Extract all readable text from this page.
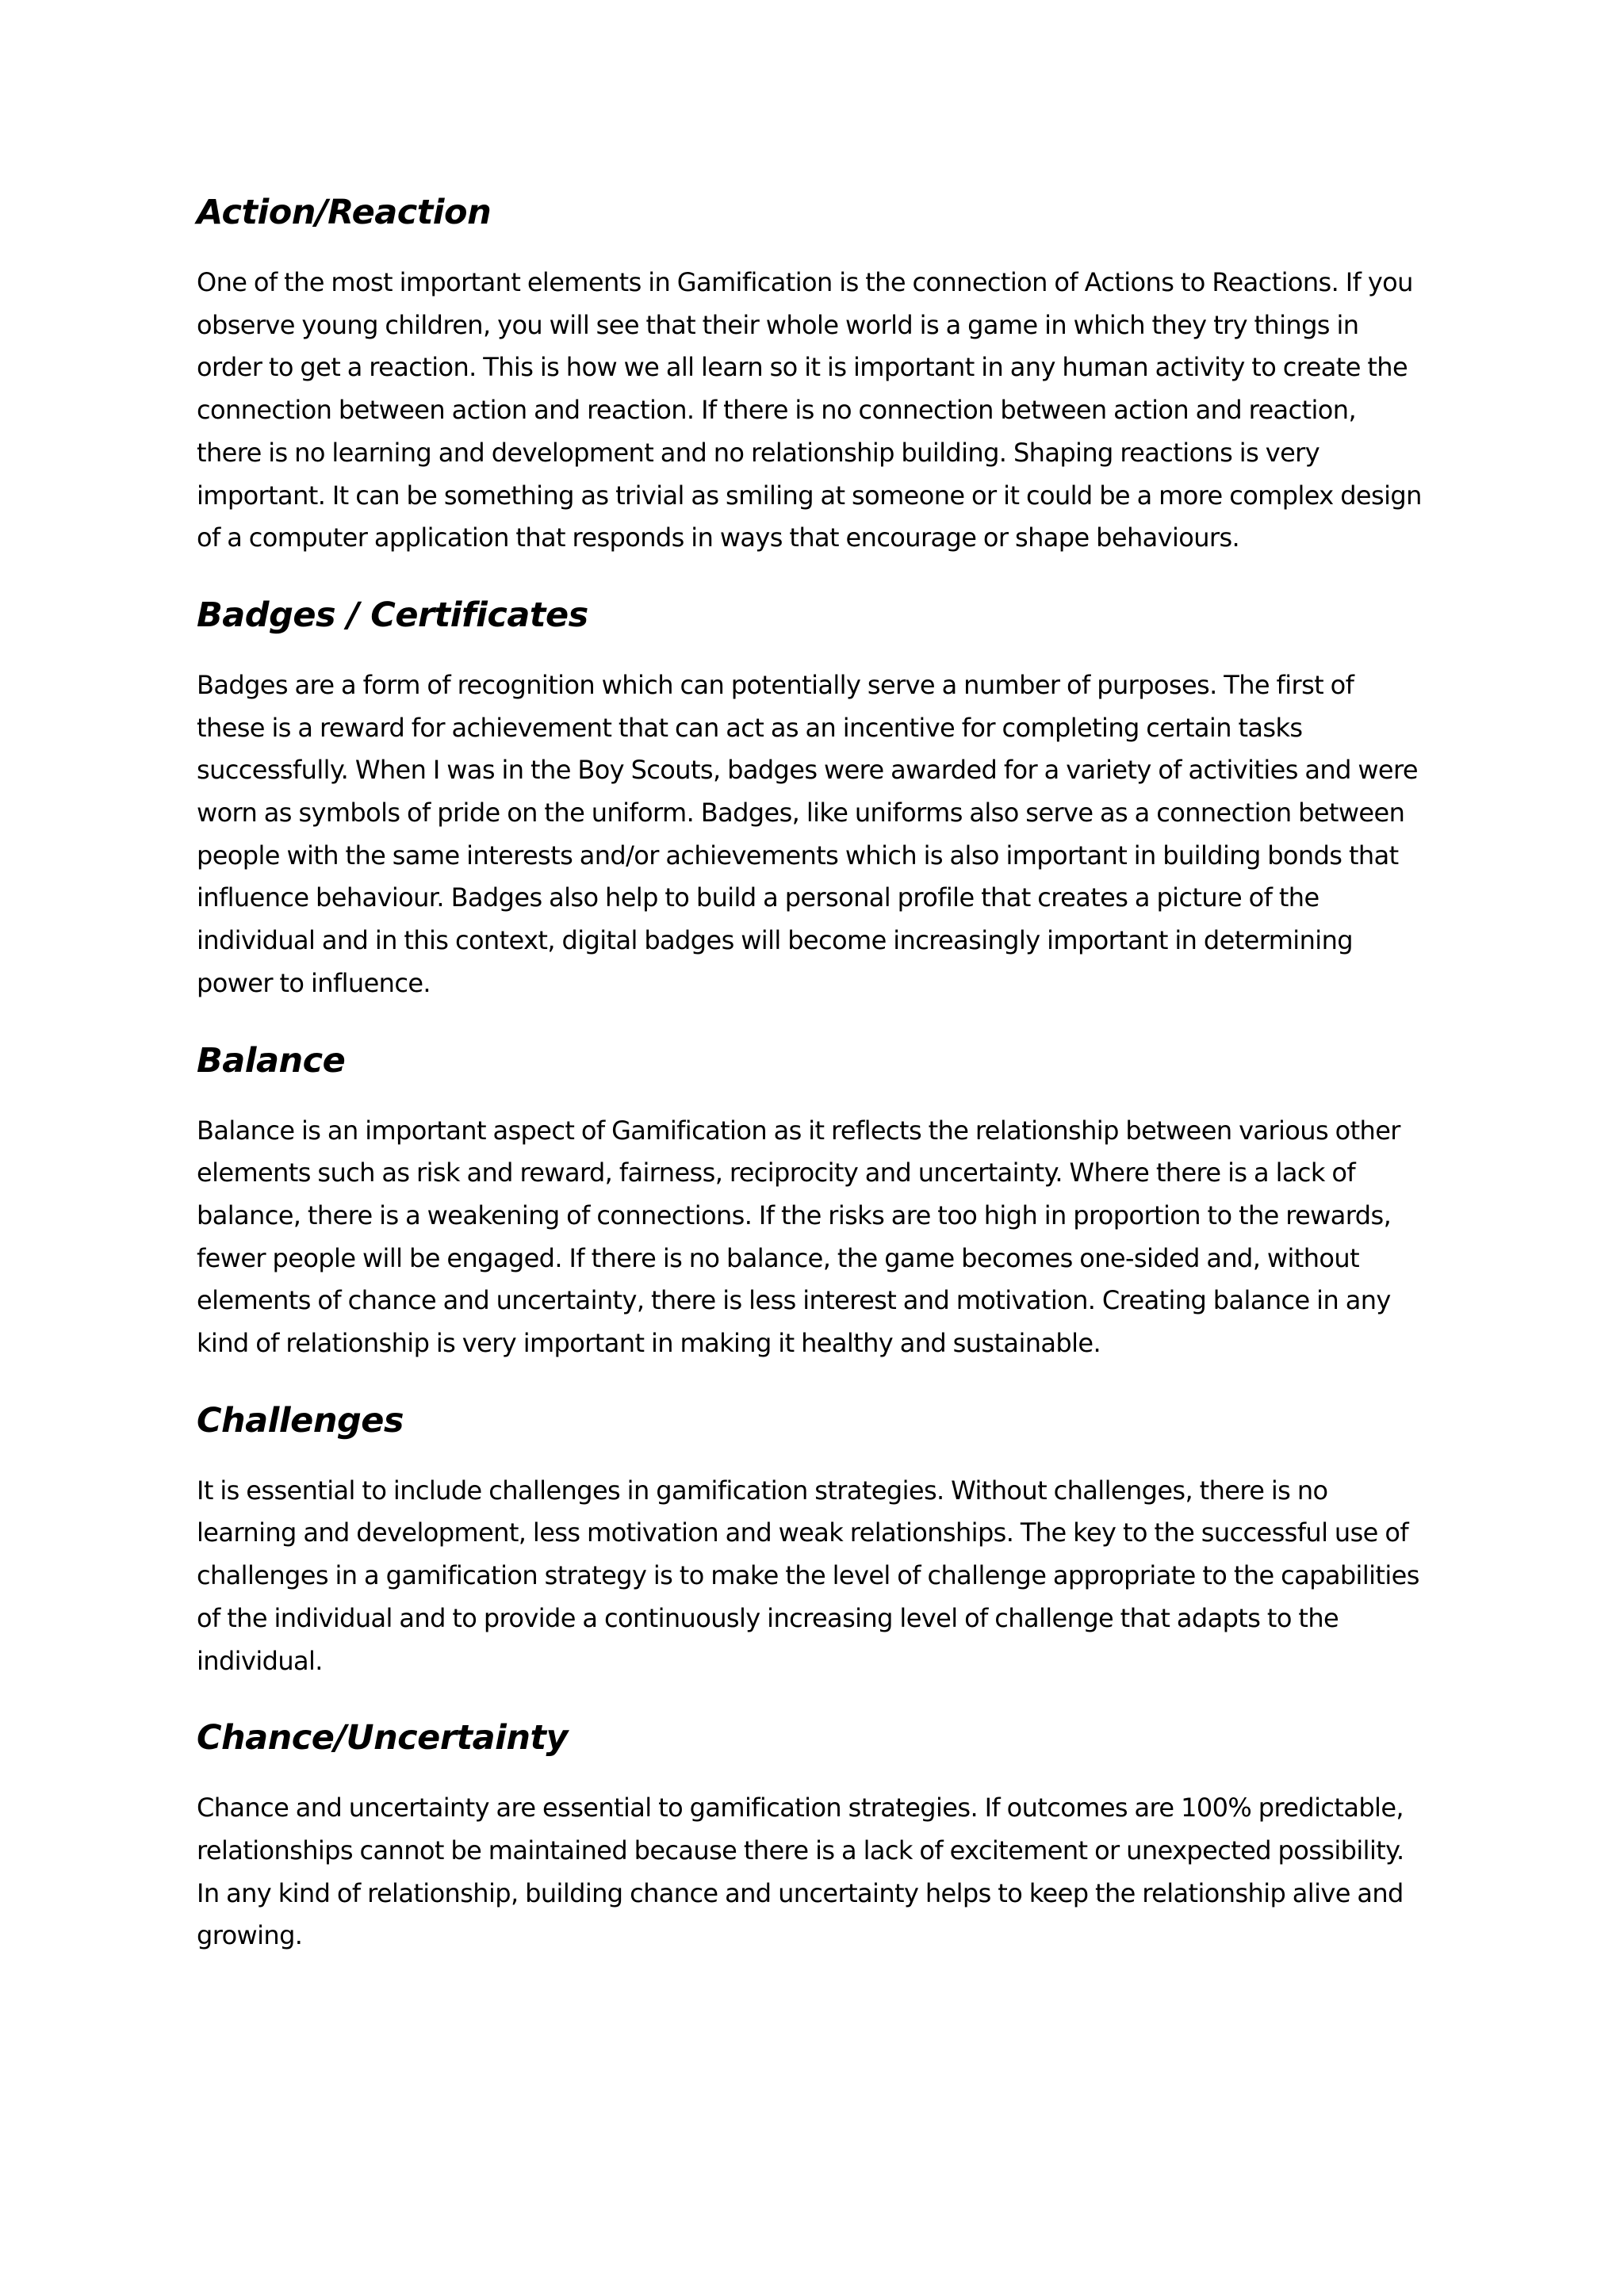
Action/Reaction

One of the most important elements in Gamification is the connection of Actions to Reactions. If you
observe young children, you will see that their whole world is a game in which they try things in
order to get a reaction. This is how we all learn so it is important in any human activity to create the
connection between action and reaction. If there is no connection between action and reaction,
there is no learning and development and no relationship building. Shaping reactions is very
important. It can be something as trivial as smiling at someone or it could be a more complex design
of a computer application that responds in ways that encourage or shape behaviours.

Badges / Certificates

Badges are a form of recognition which can potentially serve a number of purposes. The first of
these is a reward for achievement that can act as an incentive for completing certain tasks
successfully. When I was in the Boy Scouts, badges were awarded for a variety of activities and were
worn as symbols of pride on the uniform. Badges, like uniforms also serve as a connection between
people with the same interests and/or achievements which is also important in building bonds that
influence behaviour. Badges also help to build a personal profile that creates a picture of the
individual and in this context, digital badges will become increasingly important in determining
power to influence.

Balance

Balance is an important aspect of Gamification as it reflects the relationship between various other
elements such as risk and reward, fairness, reciprocity and uncertainty. Where there is a lack of
balance, there is a weakening of connections. If the risks are too high in proportion to the rewards,
fewer people will be engaged. If there is no balance, the game becomes one-sided and, without
elements of chance and uncertainty, there is less interest and motivation. Creating balance in any
kind of relationship is very important in making it healthy and sustainable.

Challenges

It is essential to include challenges in gamification strategies. Without challenges, there is no
learning and development, less motivation and weak relationships. The key to the successful use of
challenges in a gamification strategy is to make the level of challenge appropriate to the capabilities
of the individual and to provide a continuously increasing level of challenge that adapts to the
individual.

Chance/Uncertainty

Chance and uncertainty are essential to gamification strategies. If outcomes are 100% predictable,
relationships cannot be maintained because there is a lack of excitement or unexpected possibility.
In any kind of relationship, building chance and uncertainty helps to keep the relationship alive and
growing.
